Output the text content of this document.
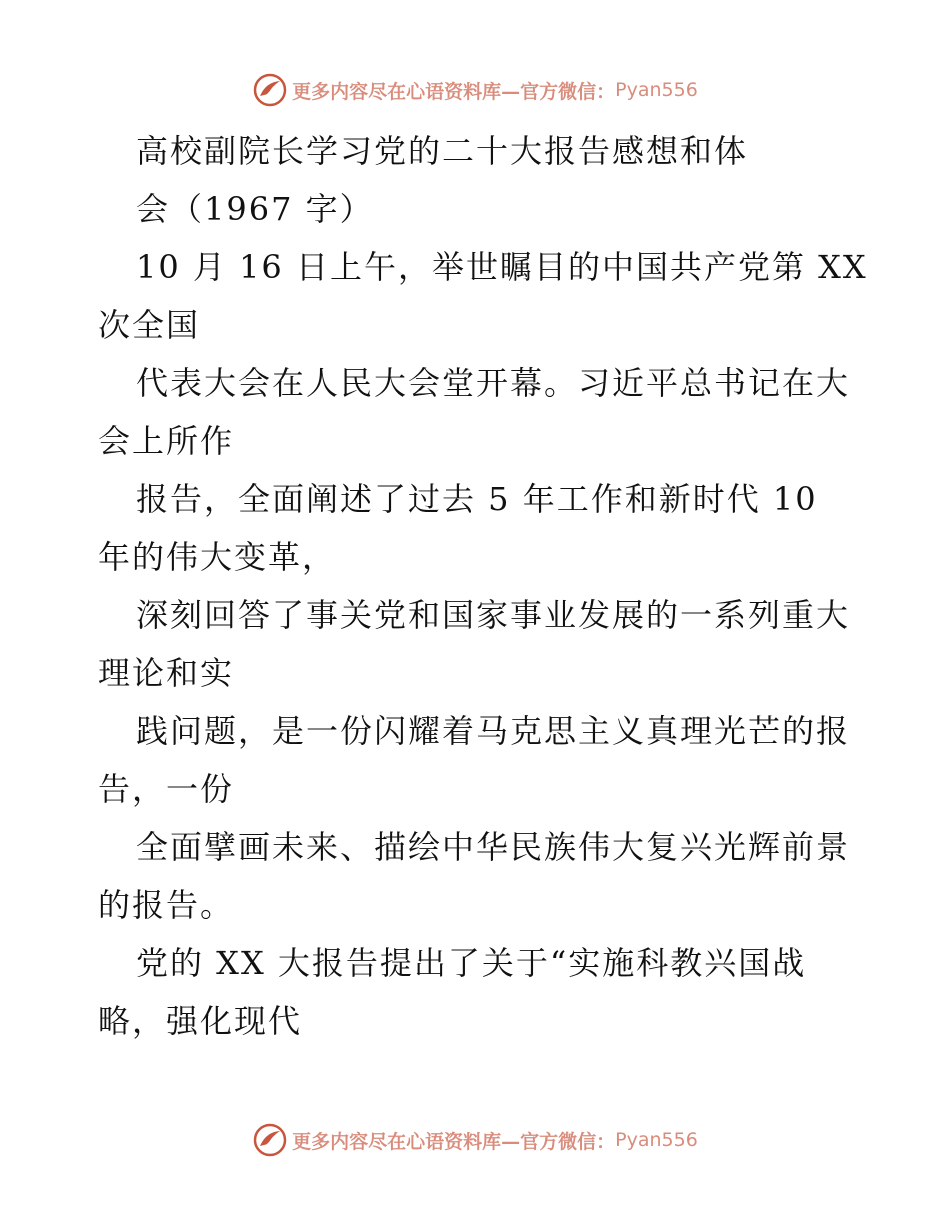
更多内容尽在心语资料库—官方微信： Pyan556
高校副院长学习党的二十大报告感想和体
会（1967 字）
10 月 16 日上午，举世瞩目的中国共产党第 XX
次全国
代表大会在人民大会堂开幕。习近平总书记在大
会上所作
报告，全面阐述了过去 5 年工作和新时代 10
年的伟大变革，
深刻回答了事关党和国家事业发展的一系列重大
理论和实
践问题，是一份闪耀着马克思主义真理光芒的报
告，一份
全面擘画未来、描绘中华民族伟大复兴光辉前景
的报告。
党的 XX 大报告提出了关于“实施科教兴国战
略，强化现代
更多内容尽在心语资料库—官方微信： Pyan556
